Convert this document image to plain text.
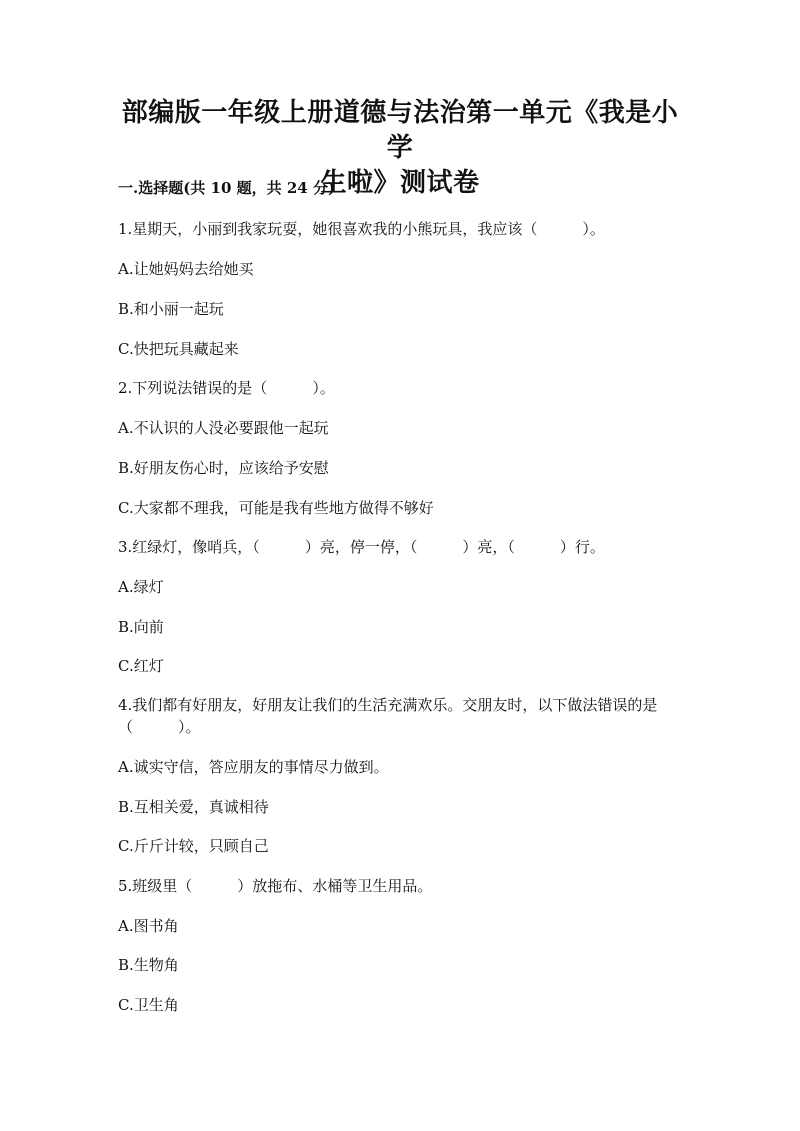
部编版一年级上册道德与法治第一单元《我是小学
生啦》测试卷
一.选择题(共 10 题，共 24 分)
1.星期天，小丽到我家玩耍，她很喜欢我的小熊玩具，我应该（　　　）。
A.让她妈妈去给她买
B.和小丽一起玩
C.快把玩具藏起来
2.下列说法错误的是（　　　）。
A.不认识的人没必要跟他一起玩
B.好朋友伤心时，应该给予安慰
C.大家都不理我，可能是我有些地方做得不够好
3.红绿灯，像哨兵，（　　　）亮，停一停，（　　　）亮，（　　　）行。
A.绿灯
B.向前
C.红灯
4.我们都有好朋友，好朋友让我们的生活充满欢乐。交朋友时，以下做法错误的是（　　　）。
A.诚实守信，答应朋友的事情尽力做到。
B.互相关爱，真诚相待
C.斤斤计较，只顾自己
5.班级里（　　　）放拖布、水桶等卫生用品。
A.图书角
B.生物角
C.卫生角
